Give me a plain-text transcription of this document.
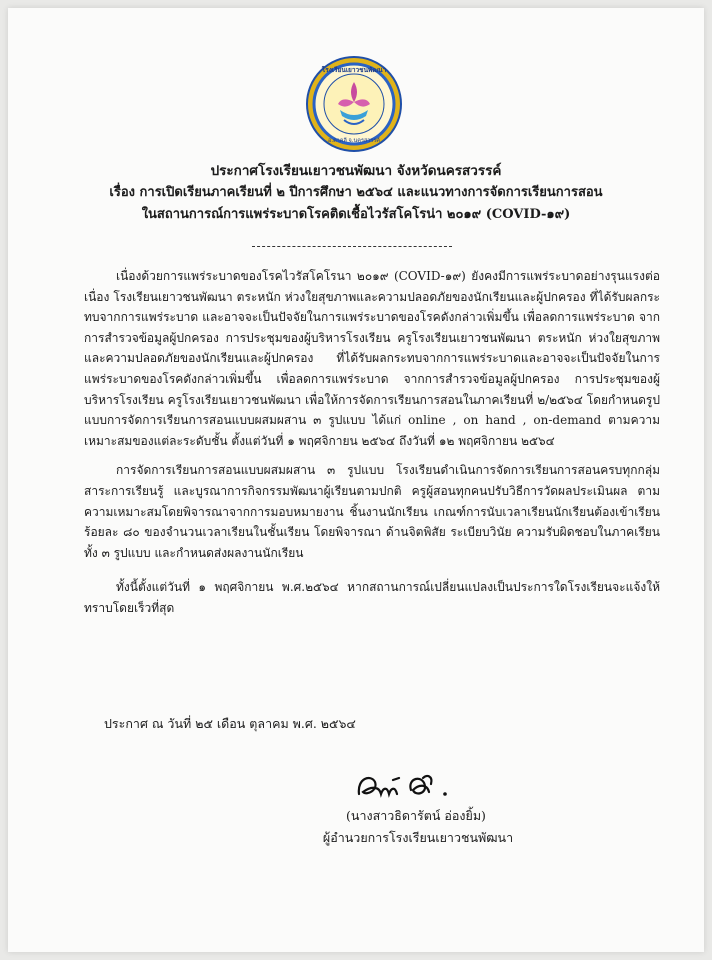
โรงเรียนเยาวชนพัฒนา
อ.ตาคลี จ.นครสวรรค์
ประกาศโรงเรียนเยาวชนพัฒนา จังหวัดนครสวรรค์
เรื่อง การเปิดเรียนภาคเรียนที่ ๒ ปีการศึกษา ๒๕๖๔ และแนวทางการจัดการเรียนการสอน
ในสถานการณ์การแพร่ระบาดโรคติดเชื้อไวรัสโคโรน่า ๒๐๑๙ (COVID-๑๙)

เนื่องด้วยการแพร่ระบาดของโรคไวรัสโคโรนา ๒๐๑๙ (COVID-๑๙) ยังคงมีการแพร่ระบาดอย่างรุนแรงต่อเนื่อง โรงเรียนเยาวชนพัฒนา ตระหนัก ห่วงใยสุขภาพและความปลอดภัยของนักเรียนและผู้ปกครอง ที่ได้รับผลกระทบจากการแพร่ระบาด และอาจจะเป็นปัจจัยในการแพร่ระบาดของโรคดังกล่าวเพิ่มขึ้น เพื่อลดการแพร่ระบาด จากการสำรวจข้อมูลผู้ปกครอง การประชุมของผู้บริหารโรงเรียน ครูโรงเรียนเยาวชนพัฒนา ตระหนัก ห่วงใยสุขภาพและความปลอดภัยของนักเรียนและผู้ปกครอง ที่ได้รับผลกระทบจากการแพร่ระบาดและอาจจะเป็นปัจจัยในการแพร่ระบาดของโรคดังกล่าวเพิ่มขึ้น เพื่อลดการแพร่ระบาด จากการสำรวจข้อมูลผู้ปกครอง การประชุมของผู้บริหารโรงเรียน ครูโรงเรียนเยาวชนพัฒนา เพื่อให้การจัดการเรียนการสอนในภาคเรียนที่ ๒/๒๕๖๔ โดยกำหนดรูปแบบการจัดการเรียนการสอนแบบผสมผสาน ๓ รูปแบบ ได้แก่ online , on hand , on-demand ตามความเหมาะสมของแต่ละระดับชั้น ตั้งแต่วันที่ ๑ พฤศจิกายน ๒๕๖๔ ถึงวันที่ ๑๒ พฤศจิกายน ๒๕๖๔

การจัดการเรียนการสอนแบบผสมผสาน ๓ รูปแบบ โรงเรียนดำเนินการจัดการเรียนการสอนครบทุกกลุ่มสาระการเรียนรู้ และบูรณาการกิจกรรมพัฒนาผู้เรียนตามปกติ ครูผู้สอนทุกคนปรับวิธีการวัดผลประเมินผล ตามความเหมาะสมโดยพิจารณาจากการมอบหมายงาน ชิ้นงานนักเรียน เกณฑ์การนับเวลาเรียนนักเรียนต้องเข้าเรียนร้อยละ ๘๐ ของจำนวนเวลาเรียนในชั้นเรียน โดยพิจารณา ด้านจิตพิสัย ระเบียบวินัย ความรับผิดชอบในภาคเรียนทั้ง ๓ รูปแบบ และกำหนดส่งผลงานนักเรียน

ทั้งนี้ตั้งแต่วันที่ ๑ พฤศจิกายน พ.ศ.๒๕๖๔ หากสถานการณ์เปลี่ยนแปลงเป็นประการใดโรงเรียนจะแจ้งให้ทราบโดยเร็วที่สุด

ประกาศ ณ วันที่ ๒๕ เดือน ตุลาคม พ.ศ. ๒๕๖๔
(นางสาวธิดารัตน์ อ่องยิ้ม)
ผู้อำนวยการโรงเรียนเยาวชนพัฒนา
